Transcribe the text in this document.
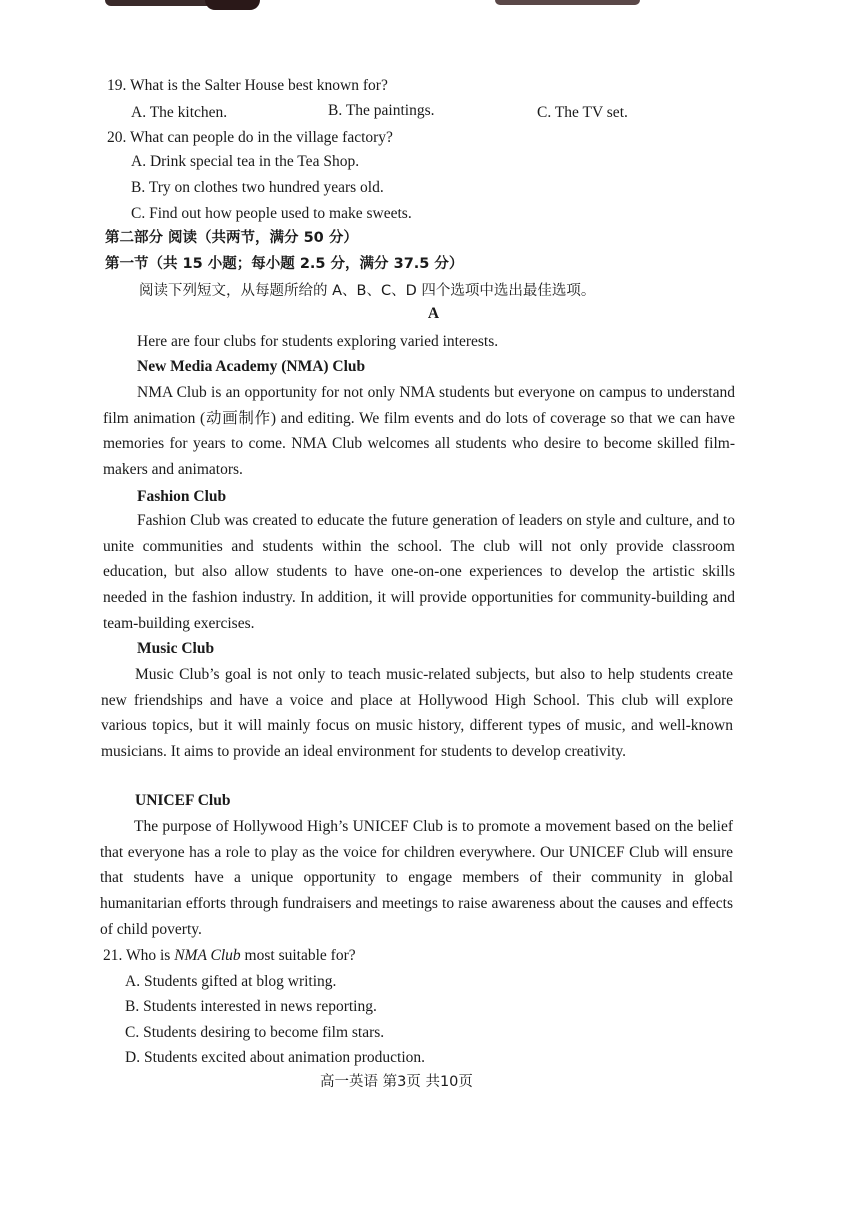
19. What is the Salter House best known for?
A. The kitchen.	B. The paintings.	C. The TV set.
20. What can people do in the village factory?
A. Drink special tea in the Tea Shop.
B. Try on clothes two hundred years old.
C. Find out how people used to make sweets.
第二部分 阅读（共两节，满分 50 分）
第一节（共 15 小题；每小题 2.5 分，满分 37.5 分）
阅读下列短文，从每题所给的 A、B、C、D 四个选项中选出最佳选项。
A
Here are four clubs for students exploring varied interests.
New Media Academy (NMA) Club

NMA Club is an opportunity for not only NMA students but everyone on campus to understand film animation (动画制作) and editing. We film events and do lots of coverage so that we can have memories for years to come. NMA Club welcomes all students who desire to become skilled film-makers and animators.

Fashion Club

Fashion Club was created to educate the future generation of leaders on style and culture, and to unite communities and students within the school. The club will not only provide classroom education, but also allow students to have one-on-one experiences to develop the artistic skills needed in the fashion industry. In addition, it will provide opportunities for community-building and team-building exercises.

Music Club

Music Club’s goal is not only to teach music-related subjects, but also to help students create new friendships and have a voice and place at Hollywood High School. This club will explore various topics, but it will mainly focus on music history, different types of music, and well-known musicians. It aims to provide an ideal environment for students to develop creativity.

UNICEF Club

The purpose of Hollywood High’s UNICEF Club is to promote a movement based on the belief that everyone has a role to play as the voice for children everywhere. Our UNICEF Club will ensure that students have a unique opportunity to engage members of their community in global humanitarian efforts through fundraisers and meetings to raise awareness about the causes and effects of child poverty.

21. Who is NMA Club most suitable for?
A. Students gifted at blog writing.
B. Students interested in news reporting.
C. Students desiring to become film stars.
D. Students excited about animation production.
高一英语 第3页 共10页
